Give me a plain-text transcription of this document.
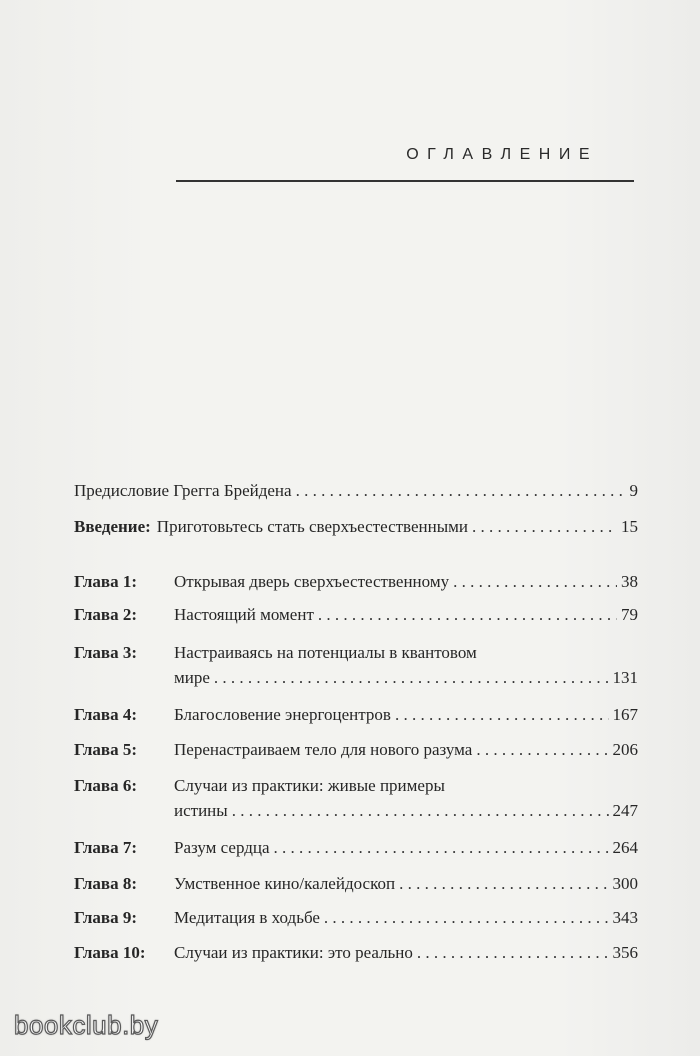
ОГЛАВЛЕНИЕ
Предисловие Грегга Брейдена . . .	9
Введение: Приготовьтесь стать сверхъестественными . . .	15
Глава 1:	Открывая дверь сверхъестественному . . .	38
Глава 2:	Настоящий момент . . .	79
Глава 3:	Настраиваясь на потенциалы в квантовом
мире . . .	131
Глава 4:	Благословение энергоцентров . . .	167
Глава 5:	Перенастраиваем тело для нового разума . . .	206
Глава 6:	Случаи из практики: живые примеры
истины . . .	247
Глава 7:	Разум сердца . . .	264
Глава 8:	Умственное кино/калейдоскоп . . .	300
Глава 9:	Медитация в ходьбе . . .	343
Глава 10:	Случаи из практики: это реально . . .	356
bookclub.by
